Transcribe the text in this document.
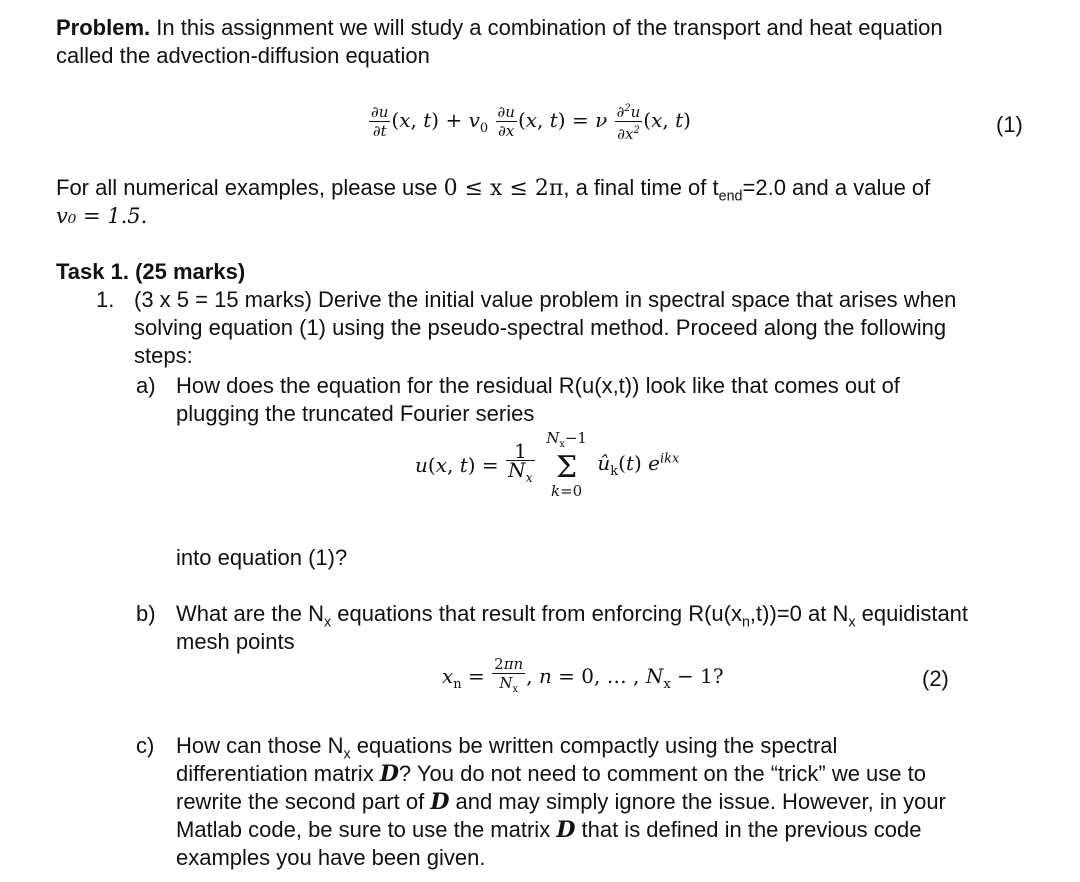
Problem. In this assignment we will study a combination of the transport and heat equation

called the advection-diffusion equation

$\frac{\partial u}{\partial t} (x$, $t) + v_0 \frac{\partial u}{\partial x} (x$, t) = ν $\frac{\partial^2u}{\partial x^2} (x$, t)	(1)

For all numerical examples, please use 0 ≤ x ≤ 2π, a final time of $t_{end}=2.0$ and a value of

v₀ = 1.5.

Task 1. (25 marks)

1. (3 x 5 = 15 marks) Derive the initial value problem in spectral space that arises when

solving equation (1) using the pseudo-spectral method. Proceed along the following

steps:

a) How does the equation for the residual R(u(x,t)) look like that comes out of

plugging the truncated Fourier series

u(x, $t) = \frac{1}{N_x}$

$N_x-1$
Σ
k=0
$û_k(t)$ $e^{ikx}$

into equation (1)?

b) What are the $N_x$ equations that result from enforcing $R(u(x_n,t))=0$ at $N_x$ equidistant

mesh points

$x_n = \frac{2\pi n}{N_x}$ , n = 0, … , $N_x - 1$?	(2)
c) How can those $N_x$ equations be written compactly using the spectral

differentiation matrix D? You do not need to comment on the “trick” we use to

rewrite the second part of D and may simply ignore the issue. However, in your

Matlab code, be sure to use the matrix D that is defined in the previous code

examples you have been given.
